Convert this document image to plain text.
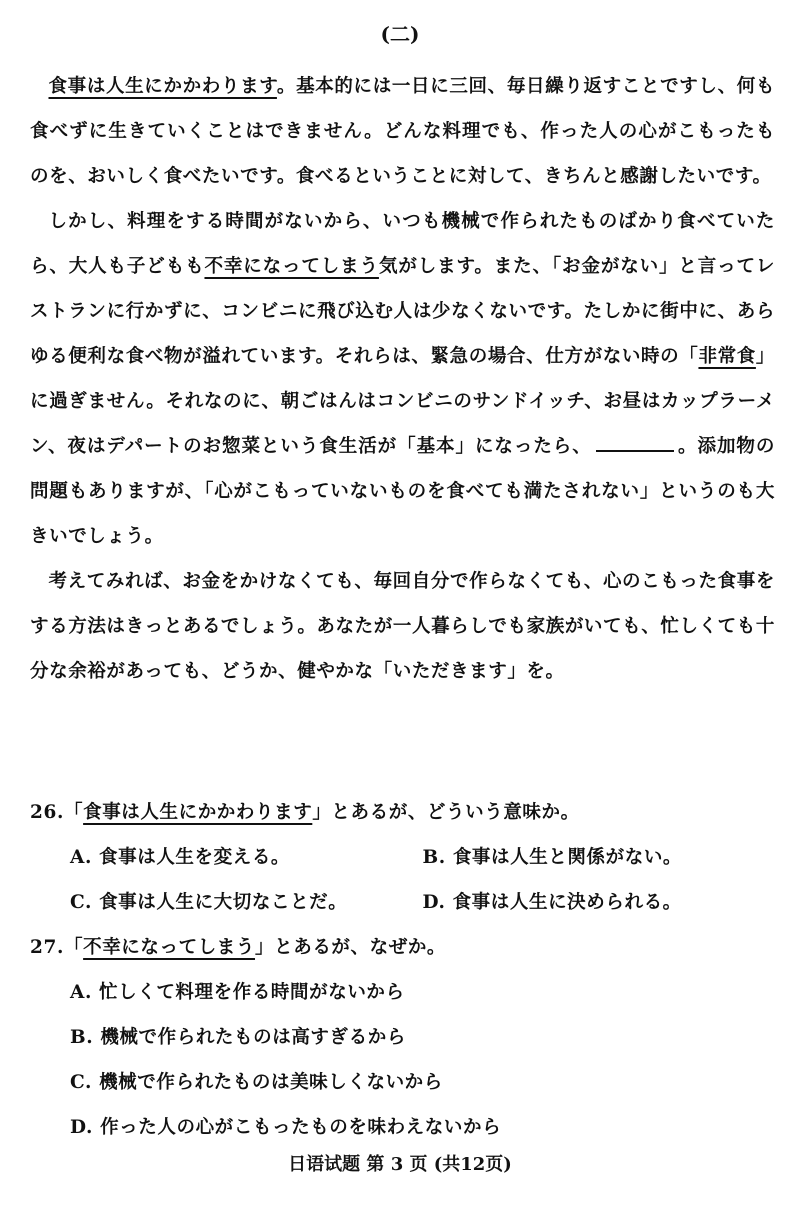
(二)

食事は人生にかかわります。基本的には一日に三回、毎日繰り返すことですし、何も食べずに生きていくことはできません。どんな料理でも、作った人の心がこもったものを、おいしく食べたいです。食べるということに対して、きちんと感謝したいです。

しかし、料理をする時間がないから、いつも機械で作られたものばかり食べていたら、大人も子どもも不幸になってしまう気がします。また、「お金がない」と言ってレストランに行かずに、コンビニに飛び込む人は少なくないです。たしかに街中に、あらゆる便利な食べ物が溢れています。それらは、緊急の場合、仕方がない時の「非常食」に過ぎません。それなのに、朝ごはんはコンビニのサンドイッチ、お昼はカップラーメン、夜はデパートのお惣菜という食生活が「基本」になったら、	。添加物の問題もありますが、「心がこもっていないものを食べても満たされない」というのも大きいでしょう。

考えてみれば、お金をかけなくても、毎回自分で作らなくても、心のこもった食事をする方法はきっとあるでしょう。あなたが一人暮らしでも家族がいても、忙しくても十分な余裕があっても、どうか、健やかな「いただきます」を。

26.「食事は人生にかかわります」とあるが、どういう意味か。

A. 食事は人生を変える。	B. 食事は人生と関係がない。
C. 食事は人生に大切なことだ。	D. 食事は人生に決められる。

27.「不幸になってしまう」とあるが、なぜか。

A. 忙しくて料理を作る時間がないから
B. 機械で作られたものは高すぎるから
C. 機械で作られたものは美味しくないから
D. 作った人の心がこもったものを味わえないから
日语试题 第 3 页 (共12页)
